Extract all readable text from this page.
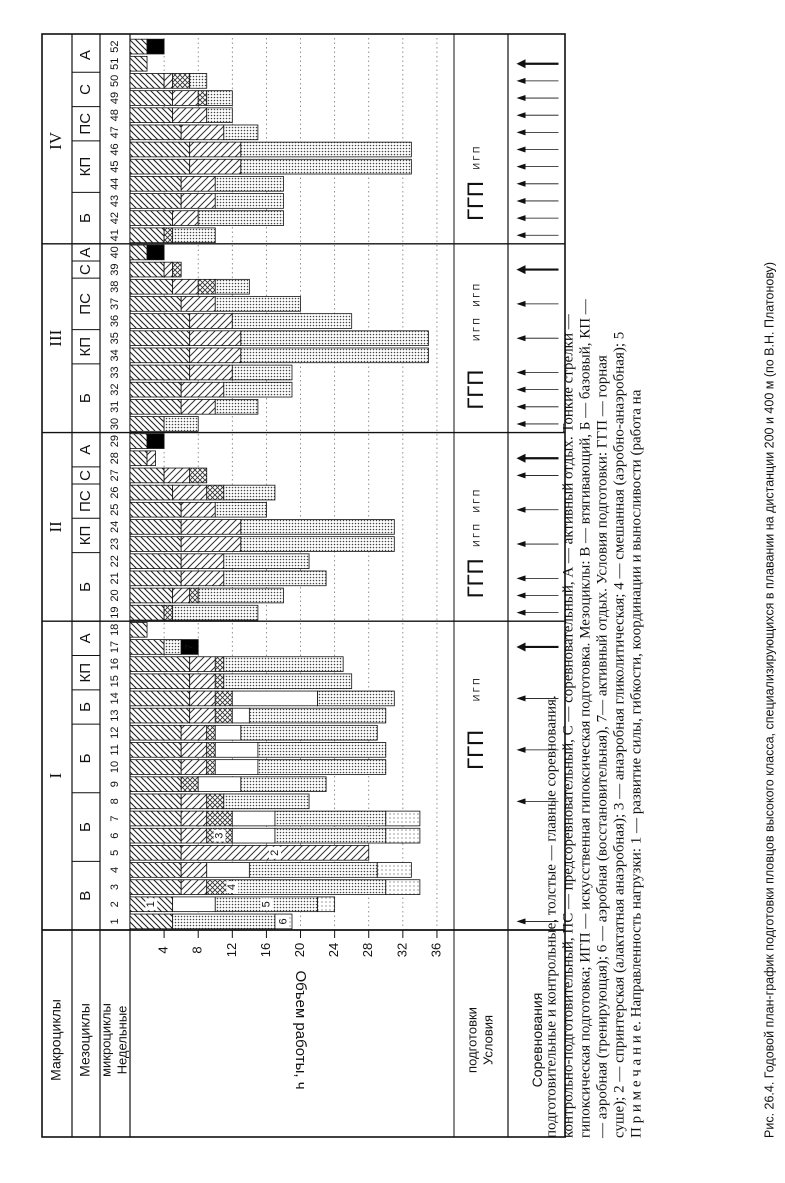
П р и м е ч а н и е. Направленность нагрузки: 1 — развитие силы, гибкости, координации и выносливости (работа на
суше); 2 — спринтерская (алактатная анаэробная); 3 — анаэробная гликолитическая; 4 — смешанная (аэробно-анаэробная); 5
— аэробная (тренирующая); 6 — аэробная (восстановительная), 7— активный отдых. Условия подготовки: ГГП — горная
гипоксическая подготовка; ИГП — искусственная гипоксическая подготовка. Мезоциклы: В — втягивающий, Б — базовый, КП —
контрольно-подготовительный, ПС — предсоревновательный, С — соревновательный, А — активный отдых. Тонкие стрелки —
подготовительные и контрольные, толстые — главные соревнования.	Рис. 26.4. Годовой план-график подготовки пловцов высокого класса, специализирующихся в плавании на дистанции 200 и 400 м (по В.Н. Платонову)
Соревнования
Условия
подготовки
Недельные
микроциклы
Мезоциклы
Макроциклы	Объем работы, ч
4 8 12 16 20 24 28 32 36
1
2
3
4
5
6
7
1
2
3
4
5
6
7
8
9
10
11
12
13
14
15
16
17
18
19
20
21
22
23
24
25
26
27
28
29
30
31
32
33
34
35
36
37
38
39
40
41
42
43
44
45
46
47
48
49
50
51
52
В
Б
Б
Б
КП
А
Б
КП
ПС
С
А
Б
КП
ПС
С
А
Б
КП
ПС
С
А
I
II
III
IV
ГГП
И Г П
ГГП
И Г П
И Г П
ГГП
И Г П
И Г П
ГГП
И Г П
